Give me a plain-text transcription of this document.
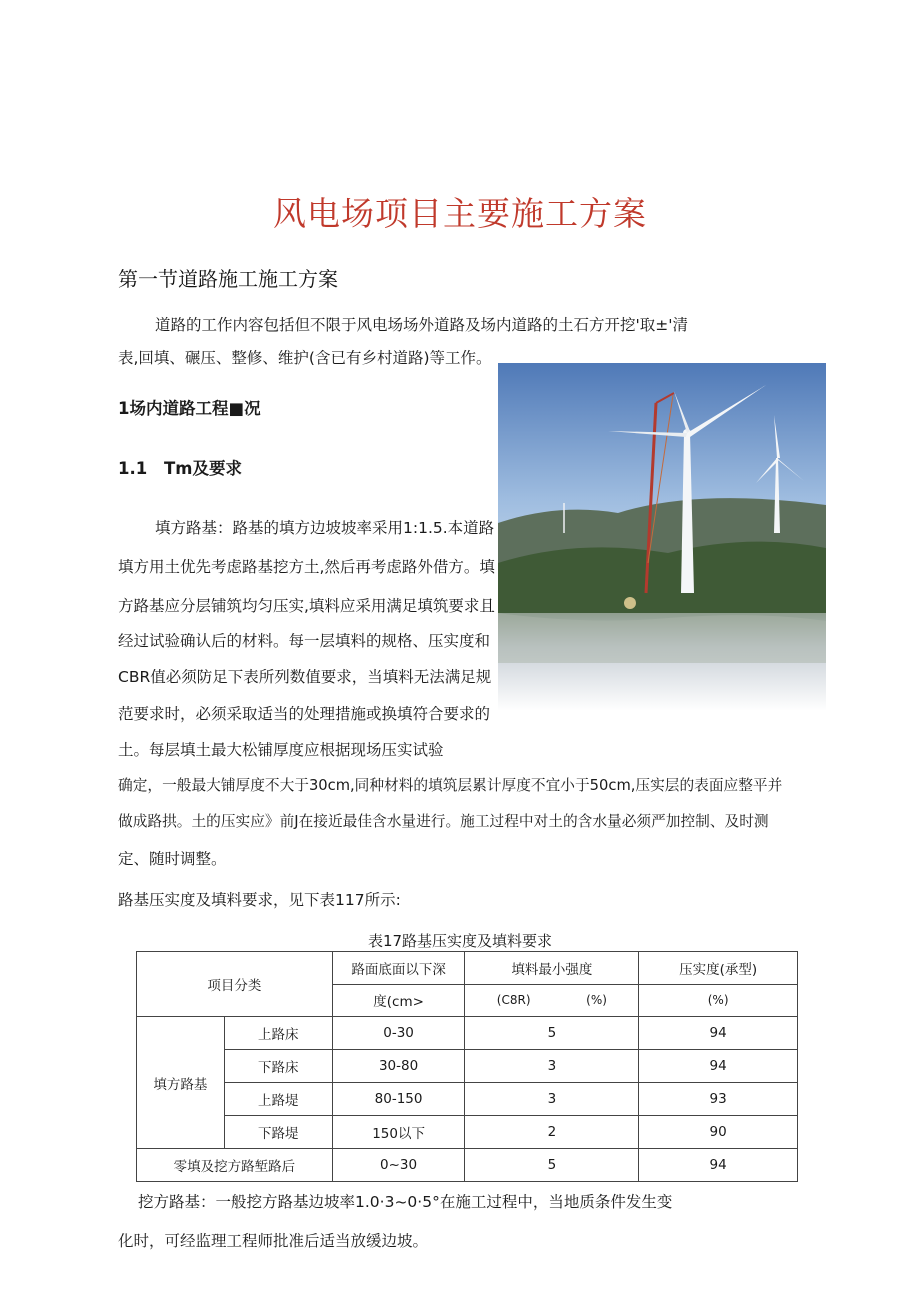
风电场项目主要施工方案
第一节道路施工施工方案
道路的工作内容包括但不限于风电场场外道路及场内道路的土石方开挖'取±'清
表,回填、碾压、整修、维护(含已有乡村道路)等工作。
1场内道路工程■况
1.1 Tm及要求
填方路基：路基的填方边坡坡率采用1:1.5.本道路
填方用土优先考虑路基挖方土,然后再考虑路外借方。填
方路基应分层铺筑均匀压实,填料应采用满足填筑要求且
经过试验确认后的材料。每一层填料的规格、压实度和
CBR值必须防足下表所列数值要求，当填料无法满足规
范要求时，必须采取适当的处理措施或换填符合要求的
土。每层填土最大松铺厚度应根据现场压实试验
确定，一般最大铺厚度不大于30cm,同种材料的填筑层累计厚度不宜小于50cm,压实层的表面应整平并
做成路拱。土的压实应》前J在接近最佳含水量进行。施工过程中对土的含水量必须严加控制、及时测
定、随时调整。
路基压实度及填料要求，见下表117所示:
表17路基压实度及填料要求
项目分类		路面底面以下深	填料最小强度	压实度(承型)
		度(cm>	(C8R) (%)	(%)
填方路基	上路床	0-30	5	94
	下路床	30-80	3	94
	上路堤	80-150	3	93
	下路堤	150以下	2	90
零填及挖方路堑路后		0~30	5	94
挖方路基：一般挖方路基边坡率1.0·3~0·5°在施工过程中，当地质条件发生变
化时，可经监理工程师批准后适当放缓边坡。
